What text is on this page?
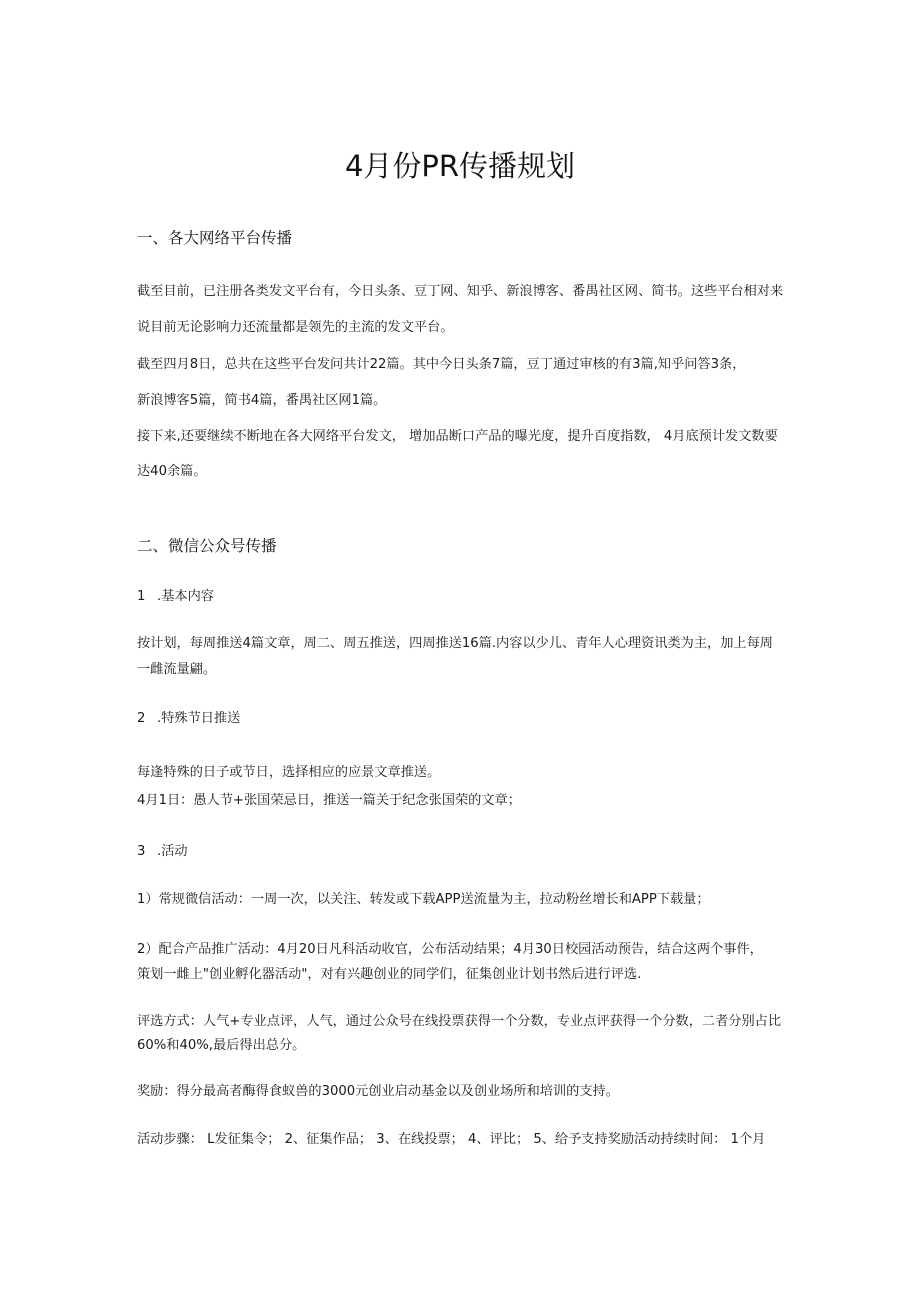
4月份PR传播规划
一、各大网络平台传播
截至目前，已注册各类发文平台有，今日头条、豆丁网、知乎、新浪博客、番禺社区网、简书。这些平台相对来
说目前无论影响力还流量都是领先的主流的发文平台。
截至四月8日，总共在这些平台发问共计22篇。其中今日头条7篇，豆丁通过审核的有3篇,知乎问答3条，
新浪博客5篇，简书4篇，番禺社区网1篇。
接下来,还要继续不断地在各大网络平台发文， 增加品断口产品的曝光度，提升百度指数， 4月底预计发文数要
达40余篇。
二、微信公众号传播
1 .基本内容
按计划，每周推送4篇文章，周二、周五推送，四周推送16篇.内容以少儿、青年人心理资讯类为主，加上每周
一雌流量翩。
2 .特殊节日推送
每逢特殊的日子或节日，选择相应的应景文章推送。
4月1日：愚人节+张国荣忌日，推送一篇关于纪念张国荣的文章；
3 .活动
1）常规微信活动：一周一次，以关注、转发或下载APP送流量为主，拉动粉丝增长和APP下载量；
2）配合产品推广活动：4月20日凡科活动收官，公布活动结果；4月30日校园活动预告，结合这两个事件，
策划一雌上"创业孵化器活动"，对有兴趣创业的同学们，征集创业计划书然后进行评选.
评选方式：人气+专业点评，人气，通过公众号在线投票获得一个分数，专业点评获得一个分数，二者分别占比
60%和40%,最后得出总分。
奖励：得分最高者酶得食蚁兽的3000元创业启动基金以及创业场所和培训的支持。
活动步骤： L发征集令； 2、征集作品； 3、在线投票； 4、评比； 5、给予支持奖励活动持续时间： 1个月
